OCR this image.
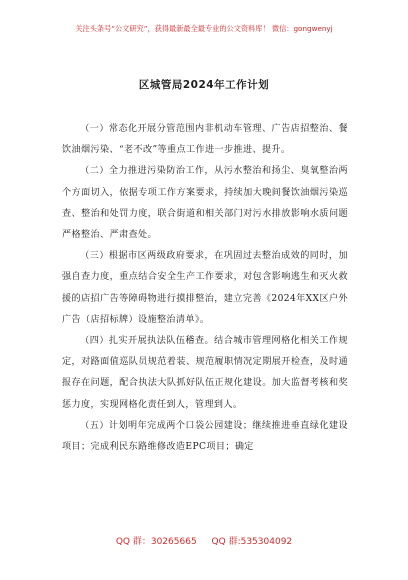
关注头条号“公文研究”，获得最新最全最专业的公文资料库！ 微信：gongwenyj
区城管局2024年工作计划

（一）常态化开展分管范围内非机动车管理、广告店招整治、餐饮油烟污染、“老不改”等重点工作进一步推进、提升。

（二）全力推进污染防治工作，从污水整治和扬尘、臭氧整治两个方面切入，依据专项工作方案要求，持续加大晚间餐饮油烟污染巡查、整治和处罚力度，联合街道和相关部门对污水排放影响水质问题严格整治、严肃查处。

（三）根据市区两级政府要求，在巩固过去整治成效的同时，加强自查力度，重点结合安全生产工作要求，对包含影响逃生和灭火救援的店招广告等障碍物进行摸排整治，建立完善《2024年XX区户外广告（店招标牌）设施整治清单》。

（四）扎实开展执法队伍稽查。结合城市管理网格化相关工作规定，对路面值巡队员规范着装、规范履职情况定期展开检查，及时通报存在问题，配合执法大队抓好队伍正规化建设。加大监督考核和奖惩力度，实现网格化责任到人，管理到人。

（五）计划明年完成两个口袋公园建设；继续推进垂直绿化建设项目；完成利民东路维修改造EPC项目；确定

QQ 群：30265665 QQ 群:535304092
